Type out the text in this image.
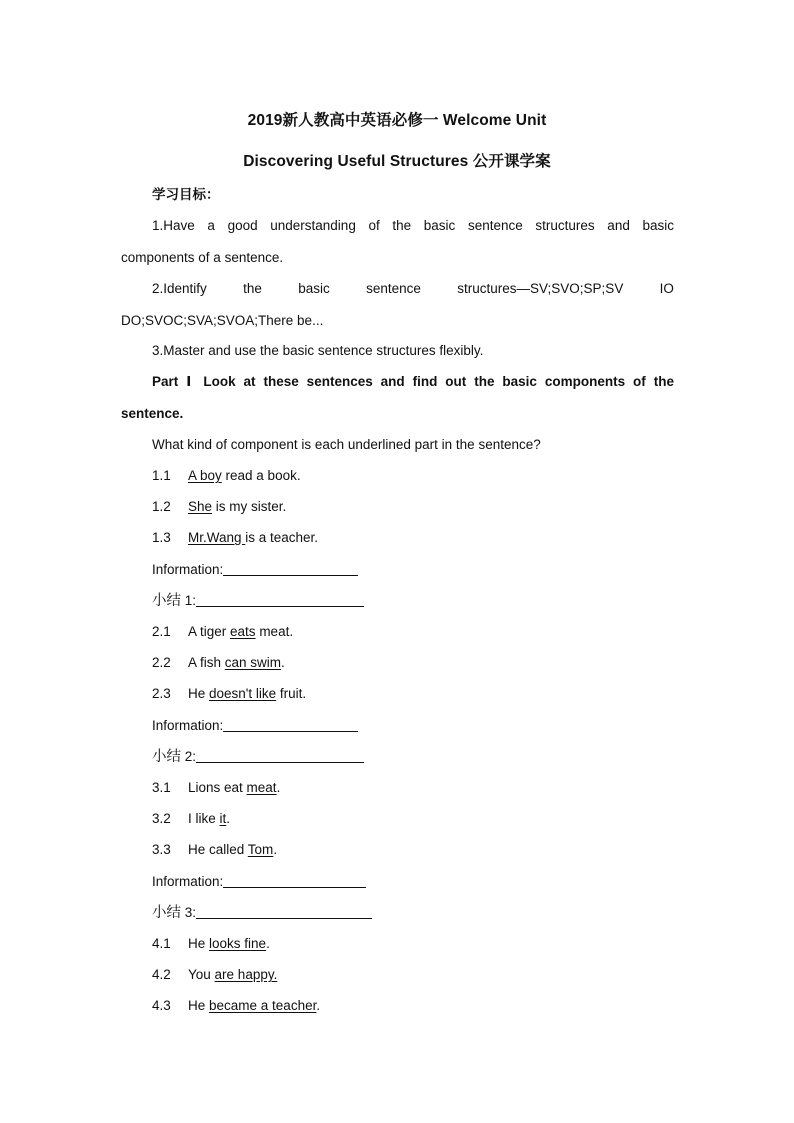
2019新人教高中英语必修一 Welcome Unit
Discovering Useful Structures 公开课学案
学习目标：
1.Have a good understanding of the basic sentence structures and basic
components of a sentence.
2.Identify	the	basic	sentence	structures—SV;SVO;SP;SV	IO
DO;SVOC;SVA;SVOA;There be...
3.Master and use the basic sentence structures flexibly.
Part Ⅰ Look at these sentences and find out the basic components of the
sentence.
What kind of component is each underlined part in the sentence?
1.1 A boy read a book.
1.2 She is my sister.
1.3 Mr.Wang is a teacher.
Information:
小结 1:
2.1 A tiger eats meat.
2.2 A fish can swim.
2.3 He doesn't like fruit.
Information:
小结 2:
3.1 Lions eat meat.
3.2 I like it.
3.3 He called Tom.
Information:
小结 3:
4.1 He looks fine.
4.2 You are happy.
4.3 He became a teacher.
